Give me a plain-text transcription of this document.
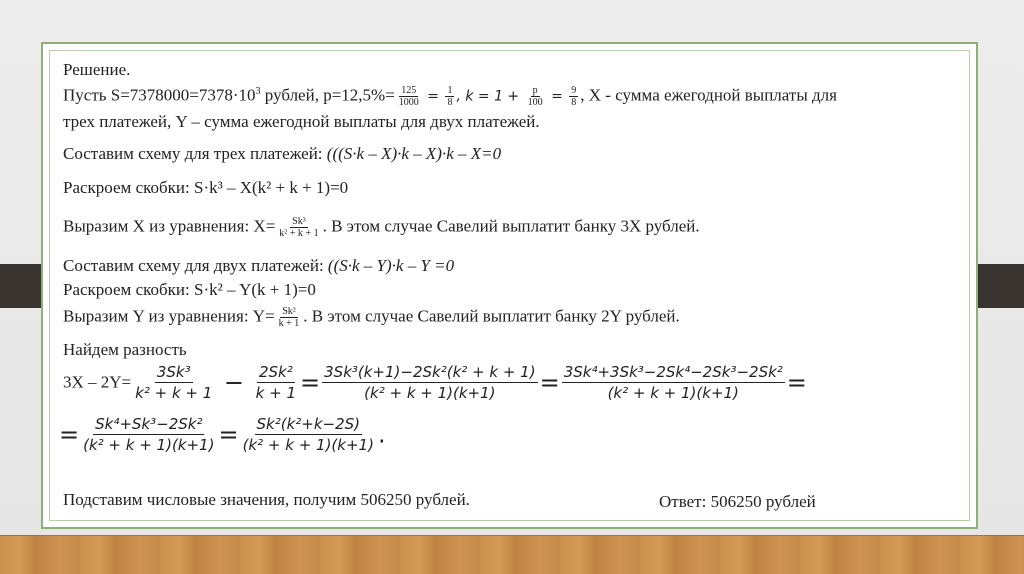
Решение.
Пусть $S=7378000=7378\cdot 10^3$ рублей, $p=12,5\%= \frac{125}{1000} = \frac{1}{8}$ , $k = 1 + \frac{p}{100} = \frac{9}{8}$ , X - сумма ежегодной выплаты для
трех платежей, Y – сумма ежегодной выплаты для двух платежей.
Составим схему для трех платежей: (((S·k – X)·k – X)·k – X=0
Раскроем скобки: S·k³ – X(k² + k + 1)=0
Выразим X из уравнения: $X= \frac{\text{Sk³}}{\text{k² + k + 1}}$ . В этом случае Савелий выплатит банку 3X рублей.
Составим схему для двух платежей: ((S·k – Y)·k – Y =0
Раскроем скобки: S·k² – Y(k + 1)=0
Выразим Y из уравнения: $Y= \frac{\text{Sk²}}{k + 1}$ . В этом случае Савелий выплатит банку 2Y рублей.
Найдем разность
$3X - 2Y= \frac{\text{3Sk³}}{\text{k² + k + 1}} - \frac{\text{2Sk²}}{k + 1} = \frac{\text{3Sk³(k+1)−2Sk²(k² + k + 1)}}{\text{(k² + k + 1)(k+1)}} = \frac{\text{3Sk⁴+3Sk³−2Sk⁴−2Sk³−2Sk²}}{\text{(k² + k + 1)(k+1)}}$ =
= $\frac{\text{Sk⁴+Sk³−2Sk²}}{\text{(k² + k + 1)(k+1)}} = \frac{\text{Sk²(k²+k−2S)}}{\text{(k² + k + 1)(k+1)}}$ .
Подставим числовые значения, получим 506250 рублей.	Ответ: 506250 рублей
